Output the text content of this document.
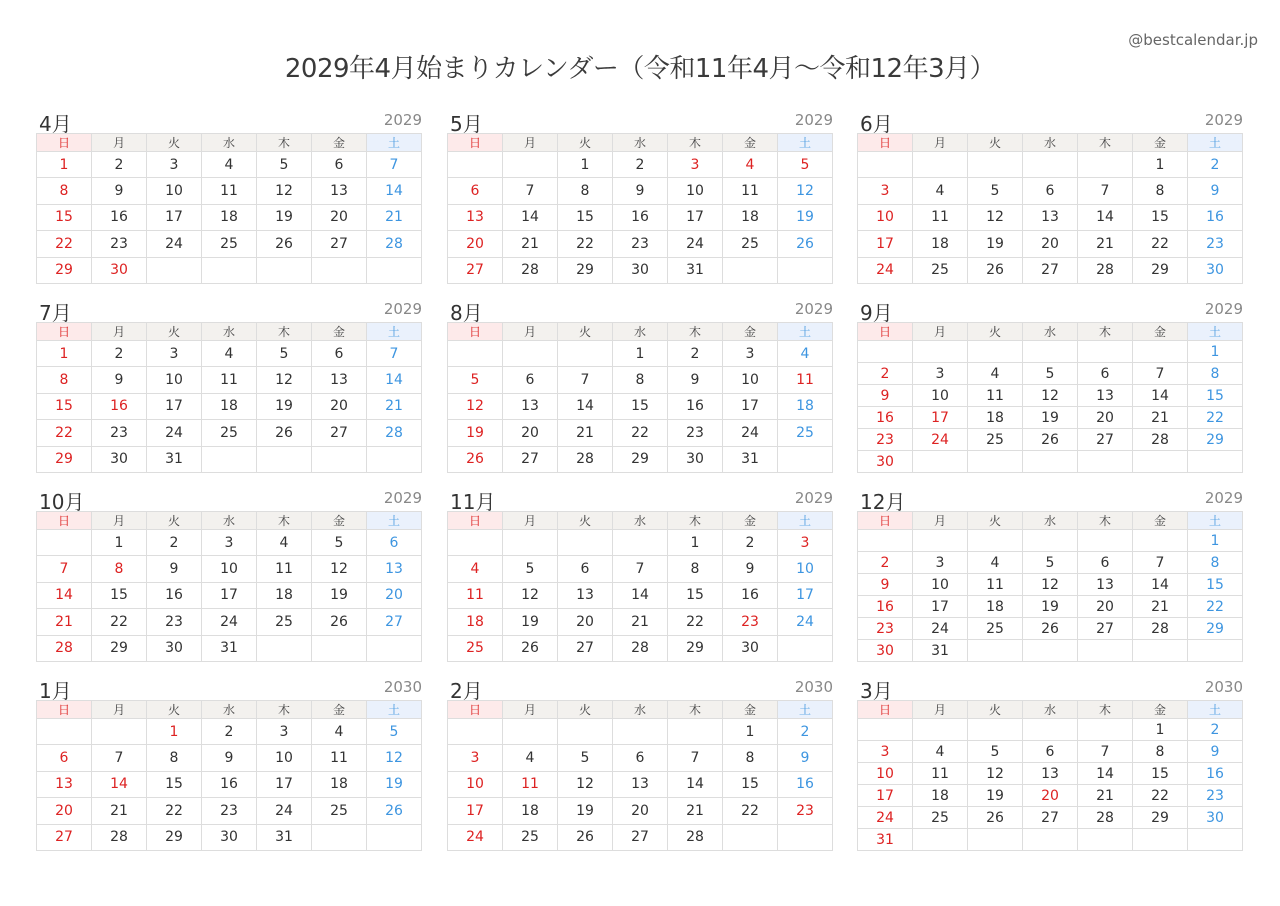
2029年4月始まりカレンダー（令和11年4月〜令和12年3月）
@bestcalendar.jp
4月	2029
日	月	火	水	木	金	土
1	2	3	4	5	6	7
8	9	10	11	12	13	14
15	16	17	18	19	20	21
22	23	24	25	26	27	28
29	30					
5月	2029
日	月	火	水	木	金	土
		1	2	3	4	5
6	7	8	9	10	11	12
13	14	15	16	17	18	19
20	21	22	23	24	25	26
27	28	29	30	31		
6月	2029
日	月	火	水	木	金	土
					1	2
3	4	5	6	7	8	9
10	11	12	13	14	15	16
17	18	19	20	21	22	23
24	25	26	27	28	29	30
7月	2029
日	月	火	水	木	金	土
1	2	3	4	5	6	7
8	9	10	11	12	13	14
15	16	17	18	19	20	21
22	23	24	25	26	27	28
29	30	31				
8月	2029
日	月	火	水	木	金	土
			1	2	3	4
5	6	7	8	9	10	11
12	13	14	15	16	17	18
19	20	21	22	23	24	25
26	27	28	29	30	31	
9月	2029
日	月	火	水	木	金	土
						1
2	3	4	5	6	7	8
9	10	11	12	13	14	15
16	17	18	19	20	21	22
23	24	25	26	27	28	29
30						
10月	2029
日	月	火	水	木	金	土
	1	2	3	4	5	6
7	8	9	10	11	12	13
14	15	16	17	18	19	20
21	22	23	24	25	26	27
28	29	30	31			
11月	2029
日	月	火	水	木	金	土
				1	2	3
4	5	6	7	8	9	10
11	12	13	14	15	16	17
18	19	20	21	22	23	24
25	26	27	28	29	30	
12月	2029
日	月	火	水	木	金	土
						1
2	3	4	5	6	7	8
9	10	11	12	13	14	15
16	17	18	19	20	21	22
23	24	25	26	27	28	29
30	31					
1月	2030
日	月	火	水	木	金	土
		1	2	3	4	5
6	7	8	9	10	11	12
13	14	15	16	17	18	19
20	21	22	23	24	25	26
27	28	29	30	31		
2月	2030
日	月	火	水	木	金	土
					1	2
3	4	5	6	7	8	9
10	11	12	13	14	15	16
17	18	19	20	21	22	23
24	25	26	27	28		
3月	2030
日	月	火	水	木	金	土
					1	2
3	4	5	6	7	8	9
10	11	12	13	14	15	16
17	18	19	20	21	22	23
24	25	26	27	28	29	30
31						
